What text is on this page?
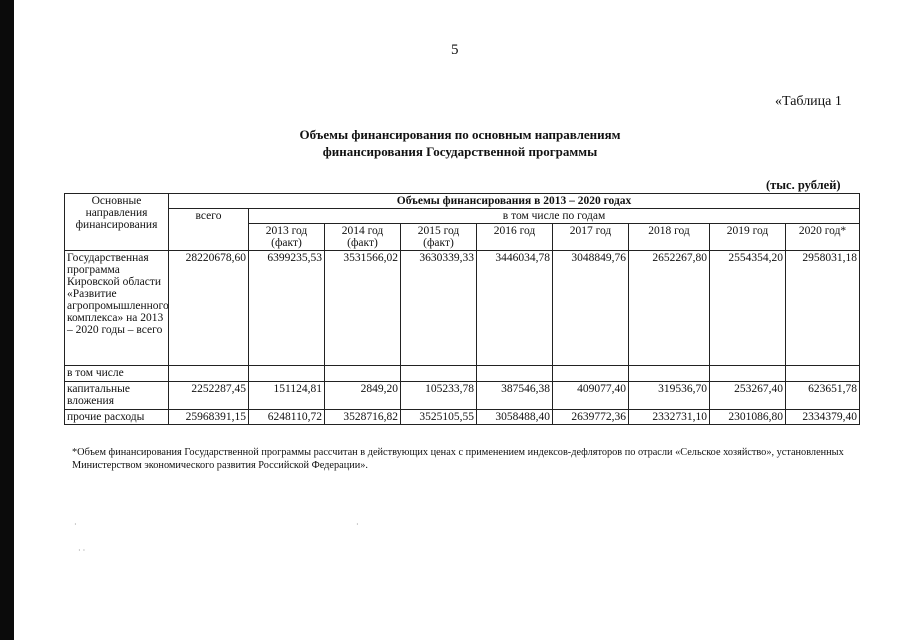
5
«Таблица 1
Объемы финансирования по основным направлениям
финансирования Государственной программы
(тыс. рублей)
Основные направления финансирования	Объемы финансирования в 2013 – 2020 годах								
	всего	в том числе по годам							
		2013 год (факт)	2014 год (факт)	2015 год (факт)	2016 год	2017 год	2018 год	2019 год	2020 год*
Государственная программа Кировской области «Развитие агропромышленного комплекса» на 2013 – 2020 годы – всего	28220678,60	6399235,53	3531566,02	3630339,33	3446034,78	3048849,76	2652267,80	2554354,20	2958031,18
в том числе									
капитальные вложения	2252287,45	151124,81	2849,20	105233,78	387546,38	409077,40	319536,70	253267,40	623651,78
прочие расходы	25968391,15	6248110,72	3528716,82	3525105,55	3058488,40	2639772,36	2332731,10	2301086,80	2334379,40
*Объем финансирования Государственной программы рассчитан в действующих ценах с применением индексов-дефляторов по отрасли «Сельское хозяйство», установленных Министерством экономического развития Российской Федерации».
·
· ·
·
